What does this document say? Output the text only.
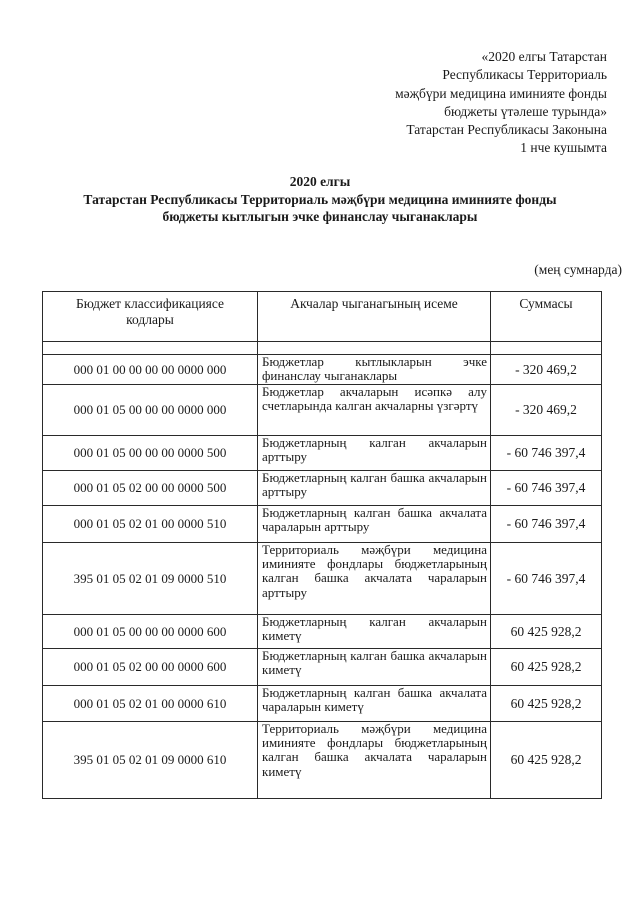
«2020 елгы Татарстан
Республикасы Территориаль
мәҗбүри медицина иминияте фонды
бюджеты үтәлеше турында»
Татарстан Республикасы Законына
1 нче кушымта
2020 елгы
Татарстан Республикасы Территориаль мәҗбүри медицина иминияте фонды
бюджеты кытлыгын эчке финанслау чыганаклары
(мең сумнарда)
Бюджет классификациясе кодлары	Акчалар чыганагының исеме	Суммасы

000 01 00 00 00 00 0000 000	Бюджетлар кытлыкларын эчке финанслау чыганаклары	- 320 469,2
000 01 05 00 00 00 0000 000	Бюджетлар акчаларын исәпкә алу счетларында калган акчаларны үзгәртү	- 320 469,2
000 01 05 00 00 00 0000 500	Бюджетларның калган акчаларын арттыру	- 60 746 397,4
000 01 05 02 00 00 0000 500	Бюджетларның калган башка акчаларын арттыру	- 60 746 397,4
000 01 05 02 01 00 0000 510	Бюджетларның калган башка акчалата чараларын арттыру	- 60 746 397,4
395 01 05 02 01 09 0000 510	Территориаль мәҗбүри медицина иминияте фондлары бюджетларының калган башка акчалата чараларын арттыру	- 60 746 397,4
000 01 05 00 00 00 0000 600	Бюджетларның калган акчаларын киметү	60 425 928,2
000 01 05 02 00 00 0000 600	Бюджетларның калган башка акчаларын киметү	60 425 928,2
000 01 05 02 01 00 0000 610	Бюджетларның калган башка акчалата чараларын киметү	60 425 928,2
395 01 05 02 01 09 0000 610	Территориаль мәҗбүри медицина иминияте фондлары бюджетларының калган башка акчалата чараларын киметү	60 425 928,2
